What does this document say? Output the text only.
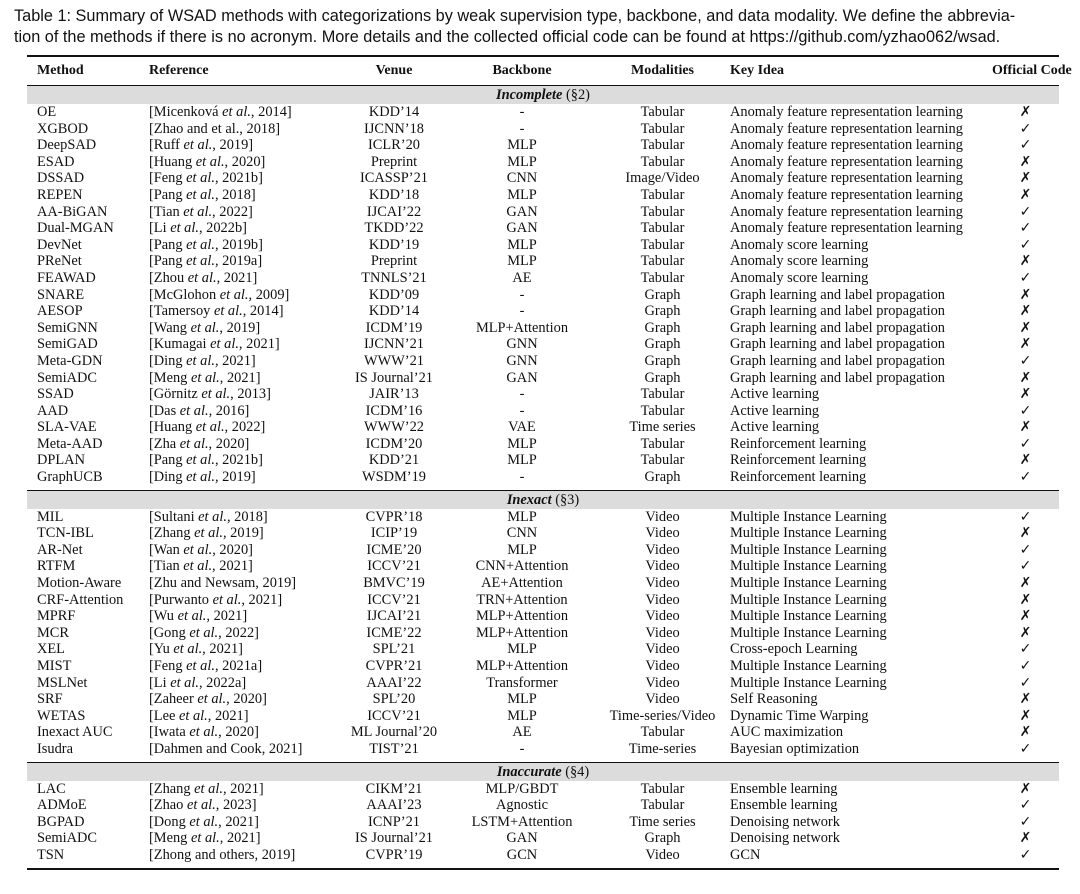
Table 1: Summary of WSAD methods with categorizations by weak supervision type, backbone, and data modality. We define the abbrevia-
tion of the methods if there is no acronym. More details and the collected official code can be found at https://github.com/yzhao062/wsad.
Method	Reference	Venue	Backbone	Modalities	Key Idea	Official Code
Incomplete (§2)
OE	[Micenková et al., 2014]	KDD’14	-	Tabular	Anomaly feature representation learning	✗
XGBOD	[Zhao and et al., 2018]	IJCNN’18	-	Tabular	Anomaly feature representation learning	✓
DeepSAD	[Ruff et al., 2019]	ICLR’20	MLP	Tabular	Anomaly feature representation learning	✓
ESAD	[Huang et al., 2020]	Preprint	MLP	Tabular	Anomaly feature representation learning	✗
DSSAD	[Feng et al., 2021b]	ICASSP’21	CNN	Image/Video	Anomaly feature representation learning	✗
REPEN	[Pang et al., 2018]	KDD’18	MLP	Tabular	Anomaly feature representation learning	✗
AA-BiGAN	[Tian et al., 2022]	IJCAI’22	GAN	Tabular	Anomaly feature representation learning	✓
Dual-MGAN	[Li et al., 2022b]	TKDD’22	GAN	Tabular	Anomaly feature representation learning	✓
DevNet	[Pang et al., 2019b]	KDD’19	MLP	Tabular	Anomaly score learning	✓
PReNet	[Pang et al., 2019a]	Preprint	MLP	Tabular	Anomaly score learning	✗
FEAWAD	[Zhou et al., 2021]	TNNLS’21	AE	Tabular	Anomaly score learning	✓
SNARE	[McGlohon et al., 2009]	KDD’09	-	Graph	Graph learning and label propagation	✗
AESOP	[Tamersoy et al., 2014]	KDD’14	-	Graph	Graph learning and label propagation	✗
SemiGNN	[Wang et al., 2019]	ICDM’19	MLP+Attention	Graph	Graph learning and label propagation	✗
SemiGAD	[Kumagai et al., 2021]	IJCNN’21	GNN	Graph	Graph learning and label propagation	✗
Meta-GDN	[Ding et al., 2021]	WWW’21	GNN	Graph	Graph learning and label propagation	✓
SemiADC	[Meng et al., 2021]	IS Journal’21	GAN	Graph	Graph learning and label propagation	✗
SSAD	[Görnitz et al., 2013]	JAIR’13	-	Tabular	Active learning	✗
AAD	[Das et al., 2016]	ICDM’16	-	Tabular	Active learning	✓
SLA-VAE	[Huang et al., 2022]	WWW’22	VAE	Time series	Active learning	✗
Meta-AAD	[Zha et al., 2020]	ICDM’20	MLP	Tabular	Reinforcement learning	✓
DPLAN	[Pang et al., 2021b]	KDD’21	MLP	Tabular	Reinforcement learning	✗
GraphUCB	[Ding et al., 2019]	WSDM’19	-	Graph	Reinforcement learning	✓
Inexact (§3)
MIL	[Sultani et al., 2018]	CVPR’18	MLP	Video	Multiple Instance Learning	✓
TCN-IBL	[Zhang et al., 2019]	ICIP’19	CNN	Video	Multiple Instance Learning	✗
AR-Net	[Wan et al., 2020]	ICME’20	MLP	Video	Multiple Instance Learning	✓
RTFM	[Tian et al., 2021]	ICCV’21	CNN+Attention	Video	Multiple Instance Learning	✓
Motion-Aware	[Zhu and Newsam, 2019]	BMVC’19	AE+Attention	Video	Multiple Instance Learning	✗
CRF-Attention	[Purwanto et al., 2021]	ICCV’21	TRN+Attention	Video	Multiple Instance Learning	✗
MPRF	[Wu et al., 2021]	IJCAI’21	MLP+Attention	Video	Multiple Instance Learning	✗
MCR	[Gong et al., 2022]	ICME’22	MLP+Attention	Video	Multiple Instance Learning	✗
XEL	[Yu et al., 2021]	SPL’21	MLP	Video	Cross-epoch Learning	✓
MIST	[Feng et al., 2021a]	CVPR’21	MLP+Attention	Video	Multiple Instance Learning	✓
MSLNet	[Li et al., 2022a]	AAAI’22	Transformer	Video	Multiple Instance Learning	✓
SRF	[Zaheer et al., 2020]	SPL’20	MLP	Video	Self Reasoning	✗
WETAS	[Lee et al., 2021]	ICCV’21	MLP	Time-series/Video	Dynamic Time Warping	✗
Inexact AUC	[Iwata et al., 2020]	ML Journal’20	AE	Tabular	AUC maximization	✗
Isudra	[Dahmen and Cook, 2021]	TIST’21	-	Time-series	Bayesian optimization	✓
Inaccurate (§4)
LAC	[Zhang et al., 2021]	CIKM’21	MLP/GBDT	Tabular	Ensemble learning	✗
ADMoE	[Zhao et al., 2023]	AAAI’23	Agnostic	Tabular	Ensemble learning	✓
BGPAD	[Dong et al., 2021]	ICNP’21	LSTM+Attention	Time series	Denoising network	✓
SemiADC	[Meng et al., 2021]	IS Journal’21	GAN	Graph	Denoising network	✗
TSN	[Zhong and others, 2019]	CVPR’19	GCN	Video	GCN	✓
